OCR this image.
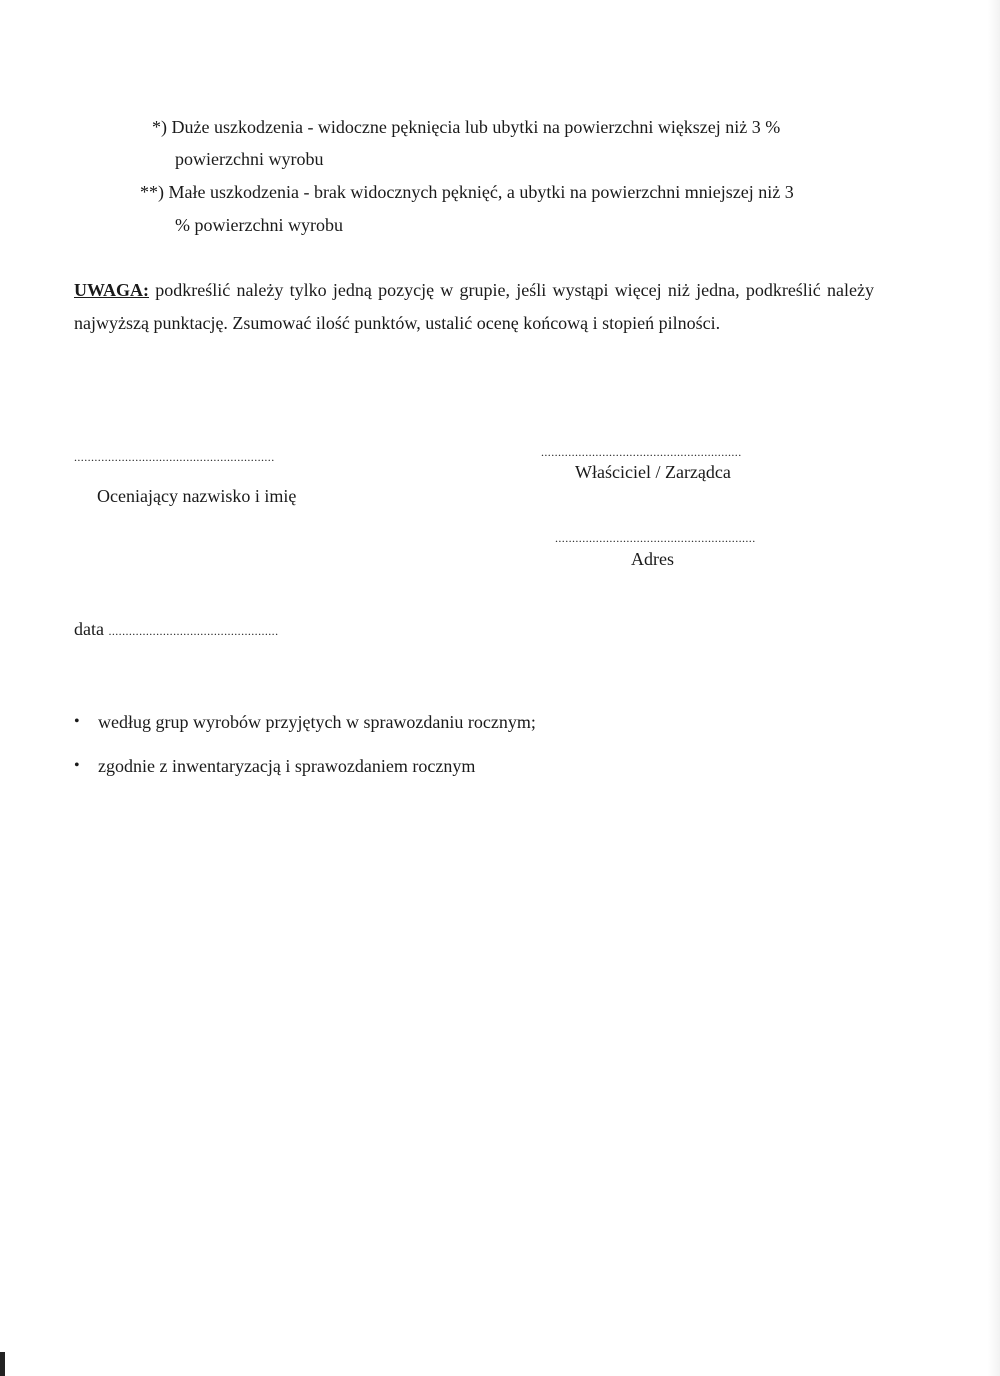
*) Duże uszkodzenia - widoczne pęknięcia lub ubytki na powierzchni większej niż 3 %
powierzchni wyrobu
**) Małe uszkodzenia - brak widocznych pęknięć, a ubytki na powierzchni mniejszej niż 3
% powierzchni wyrobu
UWAGA: podkreślić należy tylko jedną pozycję w grupie, jeśli wystąpi więcej niż jedna, podkreślić należy najwyższą punktację. Zsumować ilość punktów, ustalić ocenę końcową i stopień pilności.
...........................................................
Oceniający nazwisko i imię
...........................................................
Właściciel / Zarządca
...........................................................
Adres
data ..................................................
• według grup wyrobów przyjętych w sprawozdaniu rocznym;
• zgodnie z inwentaryzacją i sprawozdaniem rocznym
